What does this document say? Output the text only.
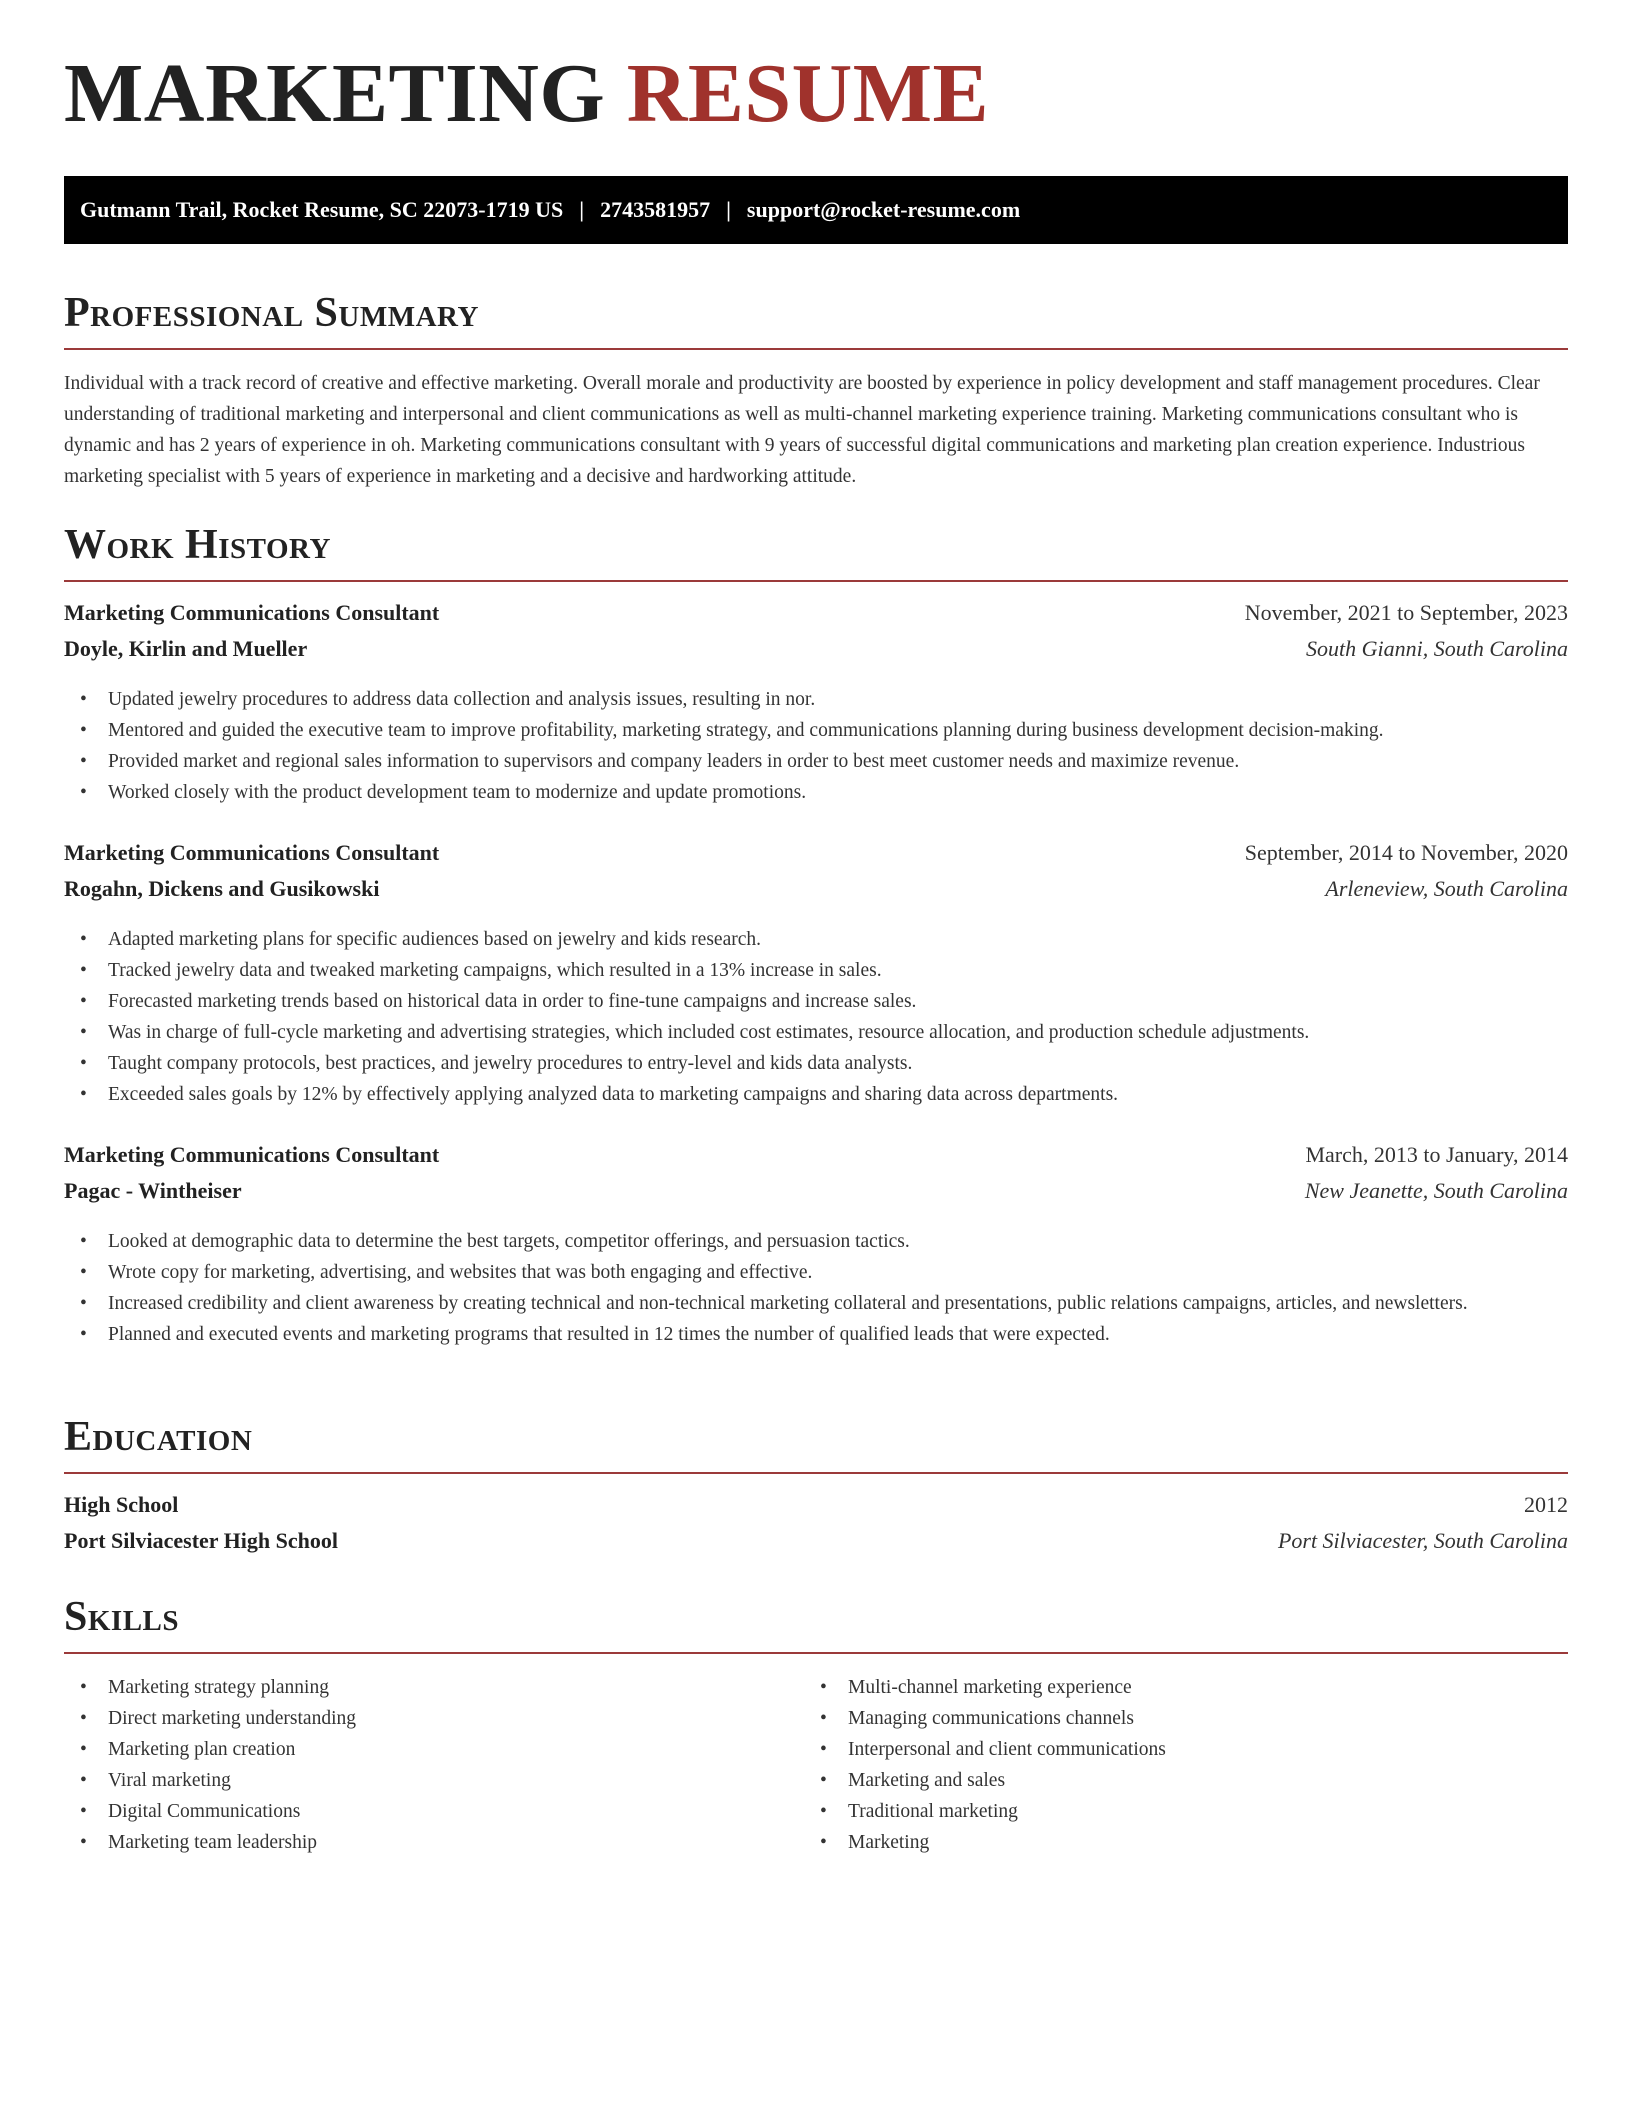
MARKETING RESUME
Gutmann Trail, Rocket Resume, SC 22073-1719 US | 2743581957 | support@rocket-resume.com
Professional Summary
Individual with a track record of creative and effective marketing. Overall morale and productivity are boosted by experience in policy development and staff management procedures. Clear understanding of traditional marketing and interpersonal and client communications as well as multi-channel marketing experience training. Marketing communications consultant who is dynamic and has 2 years of experience in oh. Marketing communications consultant with 9 years of successful digital communications and marketing plan creation experience. Industrious marketing specialist with 5 years of experience in marketing and a decisive and hardworking attitude.
Work History
Marketing Communications Consultant	November, 2021 to September, 2023
Doyle, Kirlin and Mueller	South Gianni, South Carolina
• Updated jewelry procedures to address data collection and analysis issues, resulting in nor.
• Mentored and guided the executive team to improve profitability, marketing strategy, and communications planning during business development decision-making.
• Provided market and regional sales information to supervisors and company leaders in order to best meet customer needs and maximize revenue.
• Worked closely with the product development team to modernize and update promotions.
Marketing Communications Consultant	September, 2014 to November, 2020
Rogahn, Dickens and Gusikowski	Arleneview, South Carolina
• Adapted marketing plans for specific audiences based on jewelry and kids research.
• Tracked jewelry data and tweaked marketing campaigns, which resulted in a 13% increase in sales.
• Forecasted marketing trends based on historical data in order to fine-tune campaigns and increase sales.
• Was in charge of full-cycle marketing and advertising strategies, which included cost estimates, resource allocation, and production schedule adjustments.
• Taught company protocols, best practices, and jewelry procedures to entry-level and kids data analysts.
• Exceeded sales goals by 12% by effectively applying analyzed data to marketing campaigns and sharing data across departments.
Marketing Communications Consultant	March, 2013 to January, 2014
Pagac - Wintheiser	New Jeanette, South Carolina
• Looked at demographic data to determine the best targets, competitor offerings, and persuasion tactics.
• Wrote copy for marketing, advertising, and websites that was both engaging and effective.
• Increased credibility and client awareness by creating technical and non-technical marketing collateral and presentations, public relations campaigns, articles, and newsletters.
• Planned and executed events and marketing programs that resulted in 12 times the number of qualified leads that were expected.
Education
High School	2012
Port Silviacester High School	Port Silviacester, South Carolina
Skills
• Marketing strategy planning
• Direct marketing understanding
• Marketing plan creation
• Viral marketing
• Digital Communications
• Marketing team leadership
• Multi-channel marketing experience
• Managing communications channels
• Interpersonal and client communications
• Marketing and sales
• Traditional marketing
• Marketing
